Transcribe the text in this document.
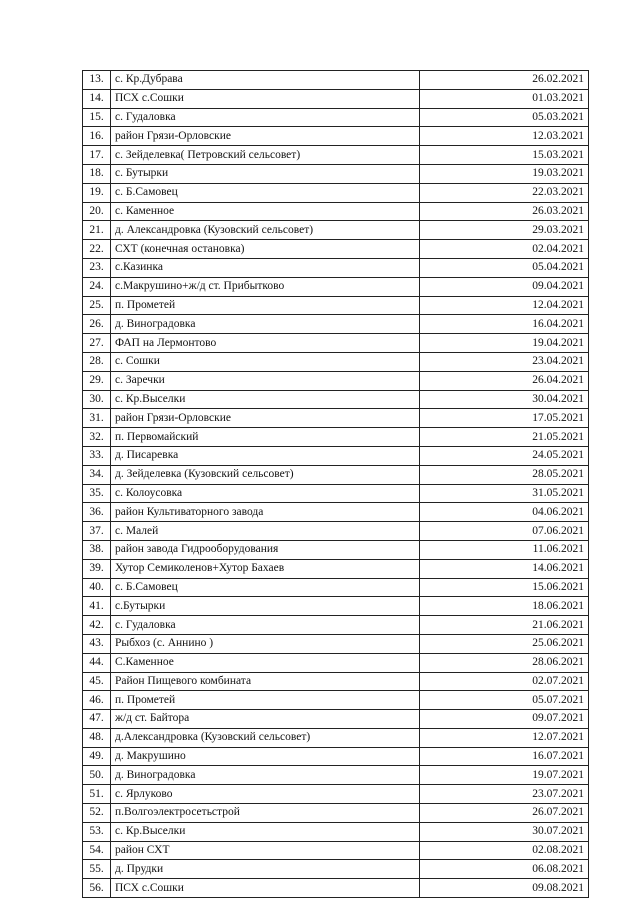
13.	с. Кр.Дубрава	26.02.2021
14.	ПСХ с.Сошки	01.03.2021
15.	с. Гудаловка	05.03.2021
16.	район Грязи-Орловские	12.03.2021
17.	с. Зейделевка( Петровский сельсовет)	15.03.2021
18.	с. Бутырки	19.03.2021
19.	с. Б.Самовец	22.03.2021
20.	с. Каменное	26.03.2021
21.	д. Александровка (Кузовский сельсовет)	29.03.2021
22.	СХТ (конечная остановка)	02.04.2021
23.	с.Казинка	05.04.2021
24.	с.Макрушино+ж/д ст. Прибытково	09.04.2021
25.	п. Прометей	12.04.2021
26.	д. Виноградовка	16.04.2021
27.	ФАП на Лермонтово	19.04.2021
28.	с. Сошки	23.04.2021
29.	с. Заречки	26.04.2021
30.	с. Кр.Выселки	30.04.2021
31.	район Грязи-Орловские	17.05.2021
32.	п. Первомайский	21.05.2021
33.	д. Писаревка	24.05.2021
34.	д. Зейделевка (Кузовский сельсовет)	28.05.2021
35.	с. Колоусовка	31.05.2021
36.	район Культиваторного завода	04.06.2021
37.	с. Малей	07.06.2021
38.	район завода Гидрооборудования	11.06.2021
39.	Хутор Семиколенов+Хутор Бахаев	14.06.2021
40.	с. Б.Самовец	15.06.2021
41.	с.Бутырки	18.06.2021
42.	с. Гудаловка	21.06.2021
43.	Рыбхоз (с. Аннино )	25.06.2021
44.	С.Каменное	28.06.2021
45.	Район Пищевого комбината	02.07.2021
46.	п. Прометей	05.07.2021
47.	ж/д ст. Байтора	09.07.2021
48.	д.Александровка (Кузовский сельсовет)	12.07.2021
49.	д. Макрушино	16.07.2021
50.	д. Виноградовка	19.07.2021
51.	с. Ярлуково	23.07.2021
52.	п.Волгоэлектросетьстрой	26.07.2021
53.	с. Кр.Выселки	30.07.2021
54.	район СХТ	02.08.2021
55.	д. Прудки	06.08.2021
56.	ПСХ с.Сошки	09.08.2021
